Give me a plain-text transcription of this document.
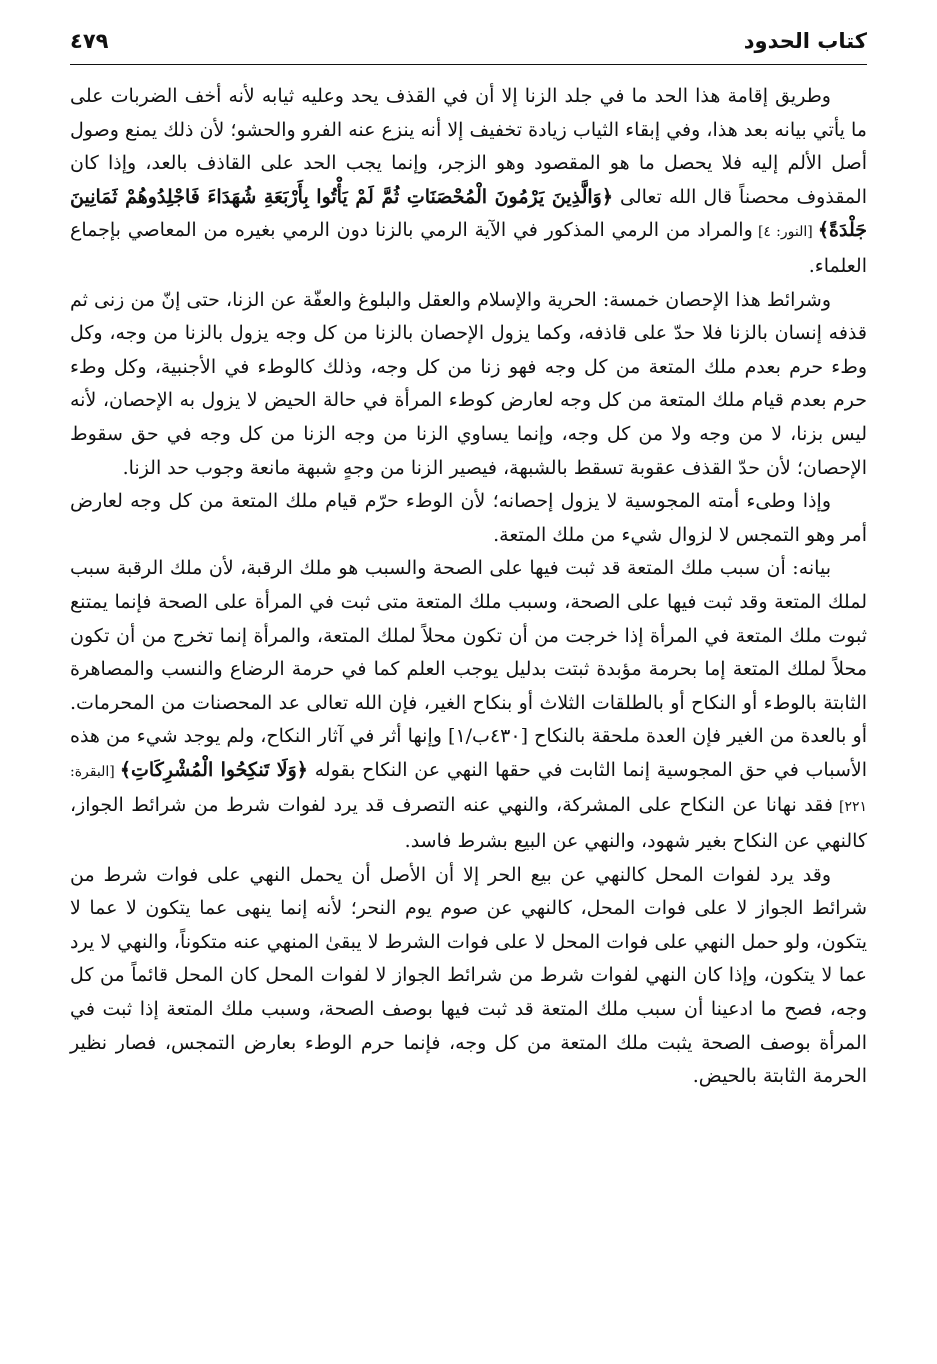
كتاب الحدود
٤٧٩

وطريق إقامة هذا الحد ما في جلد الزنا إلا أن في القذف يحد وعليه ثيابه لأنه أخف الضربات على ما يأتي بيانه بعد هذا، وفي إبقاء الثياب زيادة تخفيف إلا أنه ينزع عنه الفرو والحشو؛ لأن ذلك يمنع وصول أصل الألم إليه فلا يحصل ما هو المقصود وهو الزجر، وإنما يجب الحد على القاذف بالعد، وإذا كان المقذوف محصناً قال الله تعالى ﴿وَالَّذِينَ يَرْمُونَ الْمُحْصَنَاتِ ثُمَّ لَمْ يَأْتُوا بِأَرْبَعَةِ شُهَدَاءَ فَاجْلِدُوهُمْ ثَمَانِينَ جَلْدَةً﴾ [النور: ٤] والمراد من الرمي المذكور في الآية الرمي بالزنا دون الرمي بغيره من المعاصي بإجماع العلماء.

وشرائط هذا الإحصان خمسة: الحرية والإسلام والعقل والبلوغ والعفّة عن الزنا، حتى إنّ من زنى ثم قذفه إنسان بالزنا فلا حدّ على قاذفه، وكما يزول الإحصان بالزنا من كل وجه يزول بالزنا من وجه، وكل وطء حرم بعدم ملك المتعة من كل وجه فهو زنا من كل وجه، وذلك كالوطء في الأجنبية، وكل وطء حرم بعدم قيام ملك المتعة من كل وجه لعارض كوطء المرأة في حالة الحيض لا يزول به الإحصان، لأنه ليس بزنا، لا من وجه ولا من كل وجه، وإنما يساوي الزنا من وجه الزنا من كل وجه في حق سقوط الإحصان؛ لأن حدّ القذف عقوبة تسقط بالشبهة، فيصير الزنا من وجهٍ شبهة مانعة وجوب حد الزنا.

وإذا وطىء أمته المجوسية لا يزول إحصانه؛ لأن الوطء حرّم قيام ملك المتعة من كل وجه لعارض أمر وهو التمجس لا لزوال شيء من ملك المتعة.

بيانه: أن سبب ملك المتعة قد ثبت فيها على الصحة والسبب هو ملك الرقبة، لأن ملك الرقبة سبب لملك المتعة وقد ثبت فيها على الصحة، وسبب ملك المتعة متى ثبت في المرأة على الصحة فإنما يمتنع ثبوت ملك المتعة في المرأة إذا خرجت من أن تكون محلاً لملك المتعة، والمرأة إنما تخرج من أن تكون محلاً لملك المتعة إما بحرمة مؤبدة ثبتت بدليل يوجب العلم كما في حرمة الرضاع والنسب والمصاهرة الثابتة بالوطء أو النكاح أو بالطلقات الثلاث أو بنكاح الغير، فإن الله تعالى عد المحصنات من المحرمات. أو بالعدة من الغير فإن العدة ملحقة بالنكاح [٤٣٠ب/١] وإنها أثر في آثار النكاح، ولم يوجد شيء من هذه الأسباب في حق المجوسية إنما الثابت في حقها النهي عن النكاح بقوله ﴿وَلَا تَنكِحُوا الْمُشْرِكَاتِ﴾ [البقرة: ٢٢١] فقد نهانا عن النكاح على المشركة، والنهي عنه التصرف قد يرد لفوات شرط من شرائط الجواز، كالنهي عن النكاح بغير شهود، والنهي عن البيع بشرط فاسد.

وقد يرد لفوات المحل كالنهي عن بيع الحر إلا أن الأصل أن يحمل النهي على فوات شرط من شرائط الجواز لا على فوات المحل، كالنهي عن صوم يوم النحر؛ لأنه إنما ينهى عما يتكون لا عما لا يتكون، ولو حمل النهي على فوات المحل لا على فوات الشرط لا يبقىٰ المنهي عنه متكوناً، والنهي لا يرد عما لا يتكون، وإذا كان النهي لفوات شرط من شرائط الجواز لا لفوات المحل كان المحل قائماً من كل وجه، فصح ما ادعينا أن سبب ملك المتعة قد ثبت فيها بوصف الصحة، وسبب ملك المتعة إذا ثبت في المرأة بوصف الصحة يثبت ملك المتعة من كل وجه، فإنما حرم الوطء بعارض التمجس، فصار نظير الحرمة الثابتة بالحيض.
